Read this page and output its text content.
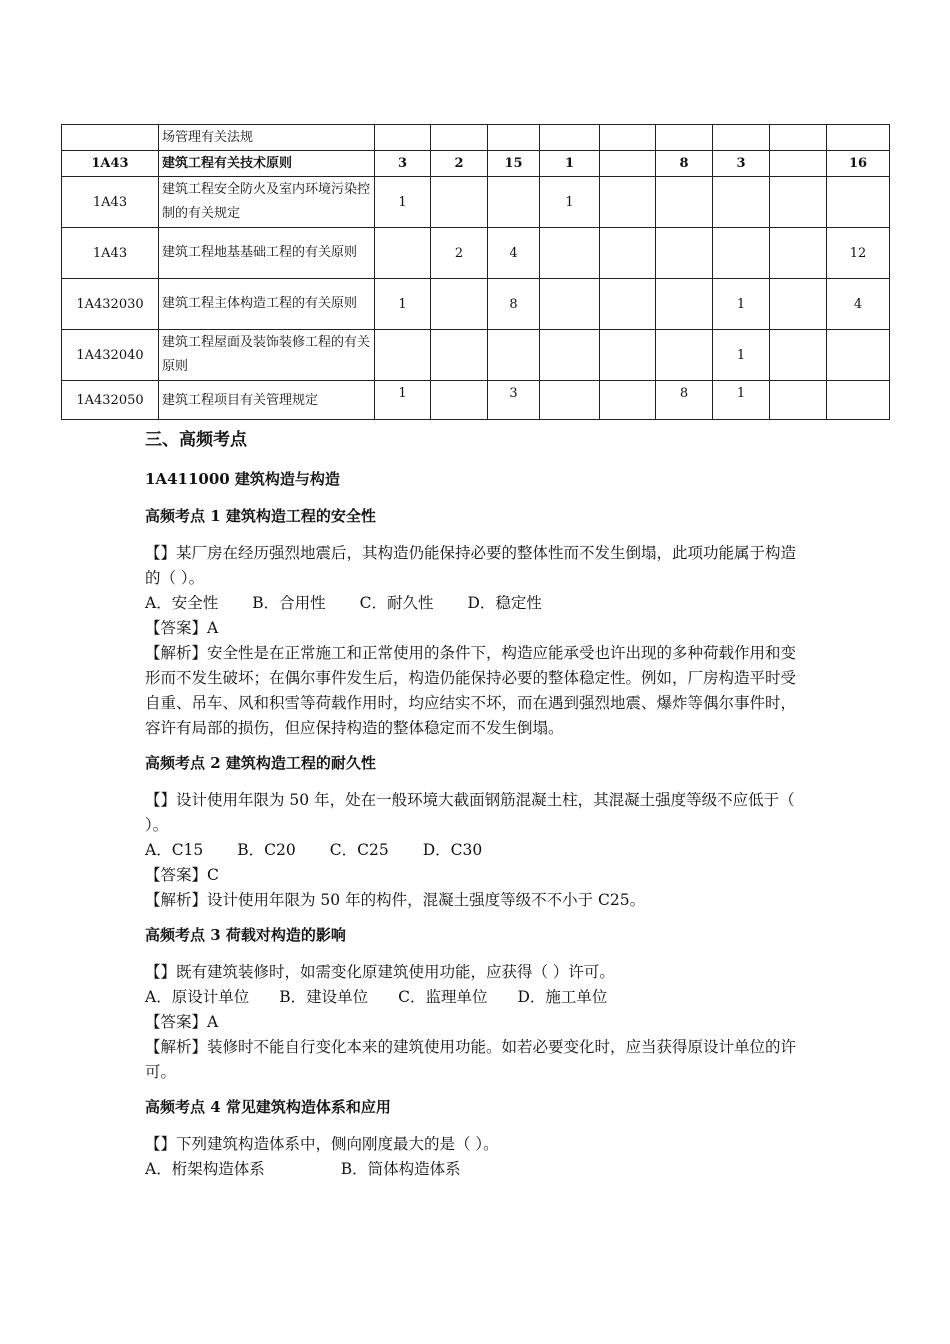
	场管理有关法规									
1A43	建筑工程有关技术原则	3	2	15	1		8	3		16
1A43	建筑工程安全防火及室内环境污染控制的有关规定	1			1					
1A43	建筑工程地基基础工程的有关原则		2	4						12
1A432030	建筑工程主体构造工程的有关原则	1		8				1		4
1A432040	建筑工程屋面及装饰装修工程的有关原则							1		
1A432050	建筑工程项目有关管理规定	1		3			8	1		
三、高频考点
1A411000 建筑构造与构造
高频考点 1 建筑构造工程的安全性

【】某厂房在经历强烈地震后，其构造仍能保持必要的整体性而不发生倒塌，此项功能属于构造的（ ）。

A．安全性 B．合用性 C．耐久性 D．稳定性

【答案】A

【解析】安全性是在正常施工和正常使用的条件下，构造应能承受也许出现的多种荷载作用和变形而不发生破坏；在偶尔事件发生后，构造仍能保持必要的整体稳定性。例如，厂房构造平时受自重、吊车、风和积雪等荷载作用时，均应结实不坏，而在遇到强烈地震、爆炸等偶尔事件时，容许有局部的损伤，但应保持构造的整体稳定而不发生倒塌。

高频考点 2 建筑构造工程的耐久性

【】设计使用年限为 50 年，处在一般环境大截面钢筋混凝土柱，其混凝土强度等级不应低于（ ）。

A．C15 B．C20 C．C25 D．C30

【答案】C

【解析】设计使用年限为 50 年的构件，混凝土强度等级不不小于 C25。

高频考点 3 荷载对构造的影响

【】既有建筑装修时，如需变化原建筑使用功能，应获得（ ）许可。

A．原设计单位 B．建设单位 C．监理单位 D．施工单位

【答案】A

【解析】装修时不能自行变化本来的建筑使用功能。如若必要变化时，应当获得原设计单位的许可。

高频考点 4 常见建筑构造体系和应用

【】下列建筑构造体系中，侧向刚度最大的是（ ）。

A．桁架构造体系	B．筒体构造体系
